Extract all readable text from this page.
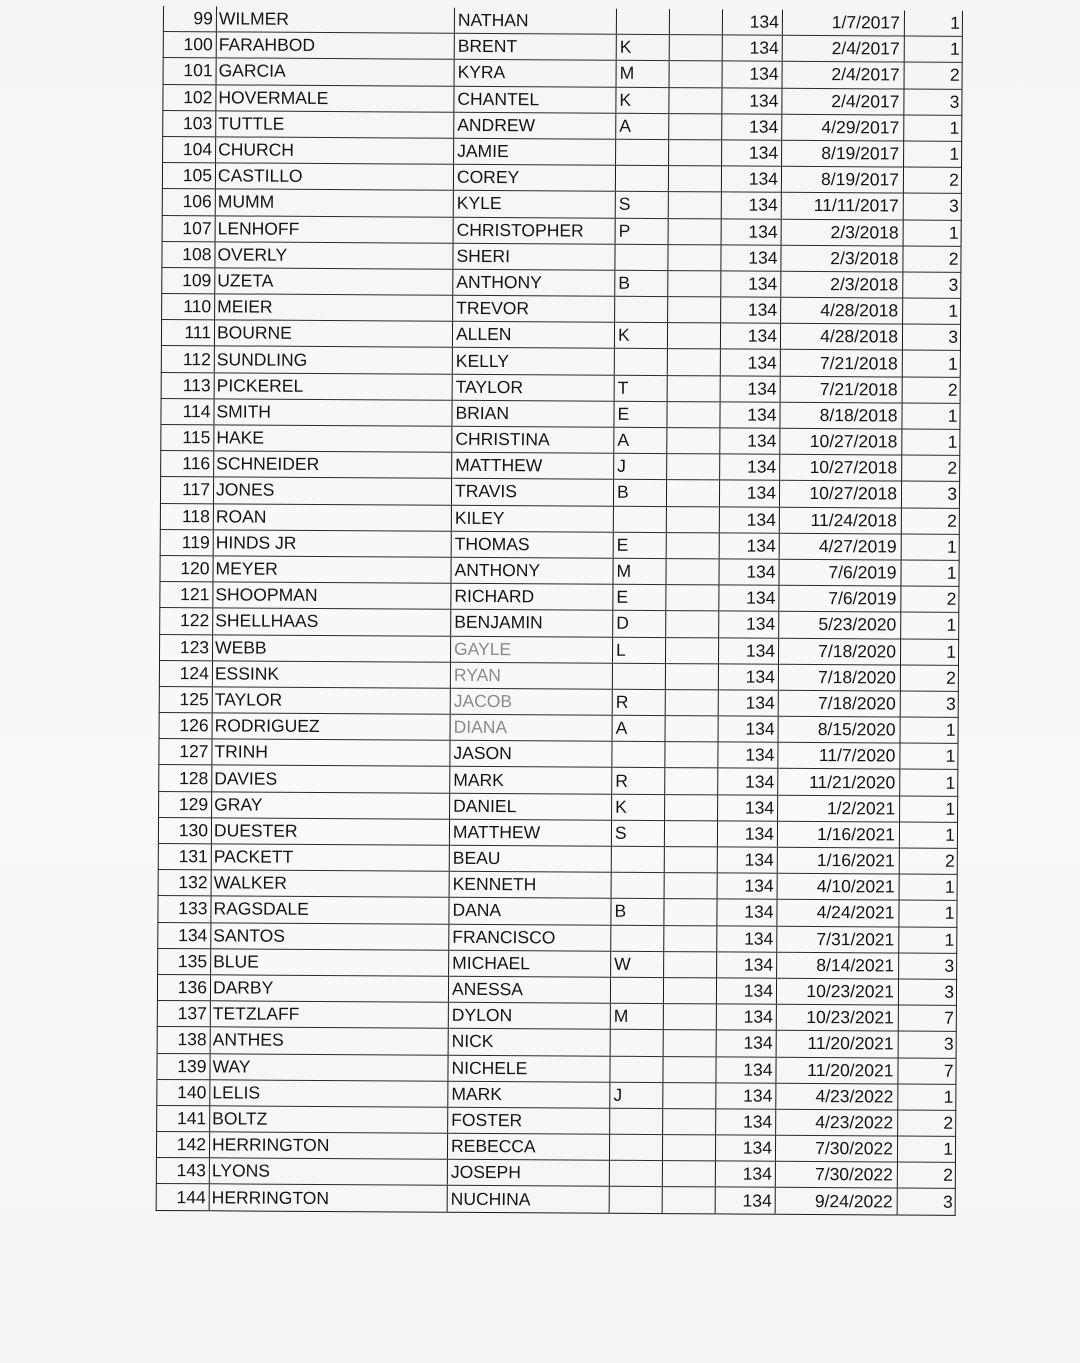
99	WILMER	NATHAN			134	1/7/2017	1
100	FARAHBOD	BRENT	K		134	2/4/2017	1
101	GARCIA	KYRA	M		134	2/4/2017	2
102	HOVERMALE	CHANTEL	K		134	2/4/2017	3
103	TUTTLE	ANDREW	A		134	4/29/2017	1
104	CHURCH	JAMIE			134	8/19/2017	1
105	CASTILLO	COREY			134	8/19/2017	2
106	MUMM	KYLE	S		134	11/11/2017	3
107	LENHOFF	CHRISTOPHER	P		134	2/3/2018	1
108	OVERLY	SHERI			134	2/3/2018	2
109	UZETA	ANTHONY	B		134	2/3/2018	3
110	MEIER	TREVOR			134	4/28/2018	1
111	BOURNE	ALLEN	K		134	4/28/2018	3
112	SUNDLING	KELLY			134	7/21/2018	1
113	PICKEREL	TAYLOR	T		134	7/21/2018	2
114	SMITH	BRIAN	E		134	8/18/2018	1
115	HAKE	CHRISTINA	A		134	10/27/2018	1
116	SCHNEIDER	MATTHEW	J		134	10/27/2018	2
117	JONES	TRAVIS	B		134	10/27/2018	3
118	ROAN	KILEY			134	11/24/2018	2
119	HINDS JR	THOMAS	E		134	4/27/2019	1
120	MEYER	ANTHONY	M		134	7/6/2019	1
121	SHOOPMAN	RICHARD	E		134	7/6/2019	2
122	SHELLHAAS	BENJAMIN	D		134	5/23/2020	1
123	WEBB	GAYLE	L		134	7/18/2020	1
124	ESSINK	RYAN			134	7/18/2020	2
125	TAYLOR	JACOB	R		134	7/18/2020	3
126	RODRIGUEZ	DIANA	A		134	8/15/2020	1
127	TRINH	JASON			134	11/7/2020	1
128	DAVIES	MARK	R		134	11/21/2020	1
129	GRAY	DANIEL	K		134	1/2/2021	1
130	DUESTER	MATTHEW	S		134	1/16/2021	1
131	PACKETT	BEAU			134	1/16/2021	2
132	WALKER	KENNETH			134	4/10/2021	1
133	RAGSDALE	DANA	B		134	4/24/2021	1
134	SANTOS	FRANCISCO			134	7/31/2021	1
135	BLUE	MICHAEL	W		134	8/14/2021	3
136	DARBY	ANESSA			134	10/23/2021	3
137	TETZLAFF	DYLON	M		134	10/23/2021	7
138	ANTHES	NICK			134	11/20/2021	3
139	WAY	NICHELE			134	11/20/2021	7
140	LELIS	MARK	J		134	4/23/2022	1
141	BOLTZ	FOSTER			134	4/23/2022	2
142	HERRINGTON	REBECCA			134	7/30/2022	1
143	LYONS	JOSEPH			134	7/30/2022	2
144	HERRINGTON	NUCHINA			134	9/24/2022	3
